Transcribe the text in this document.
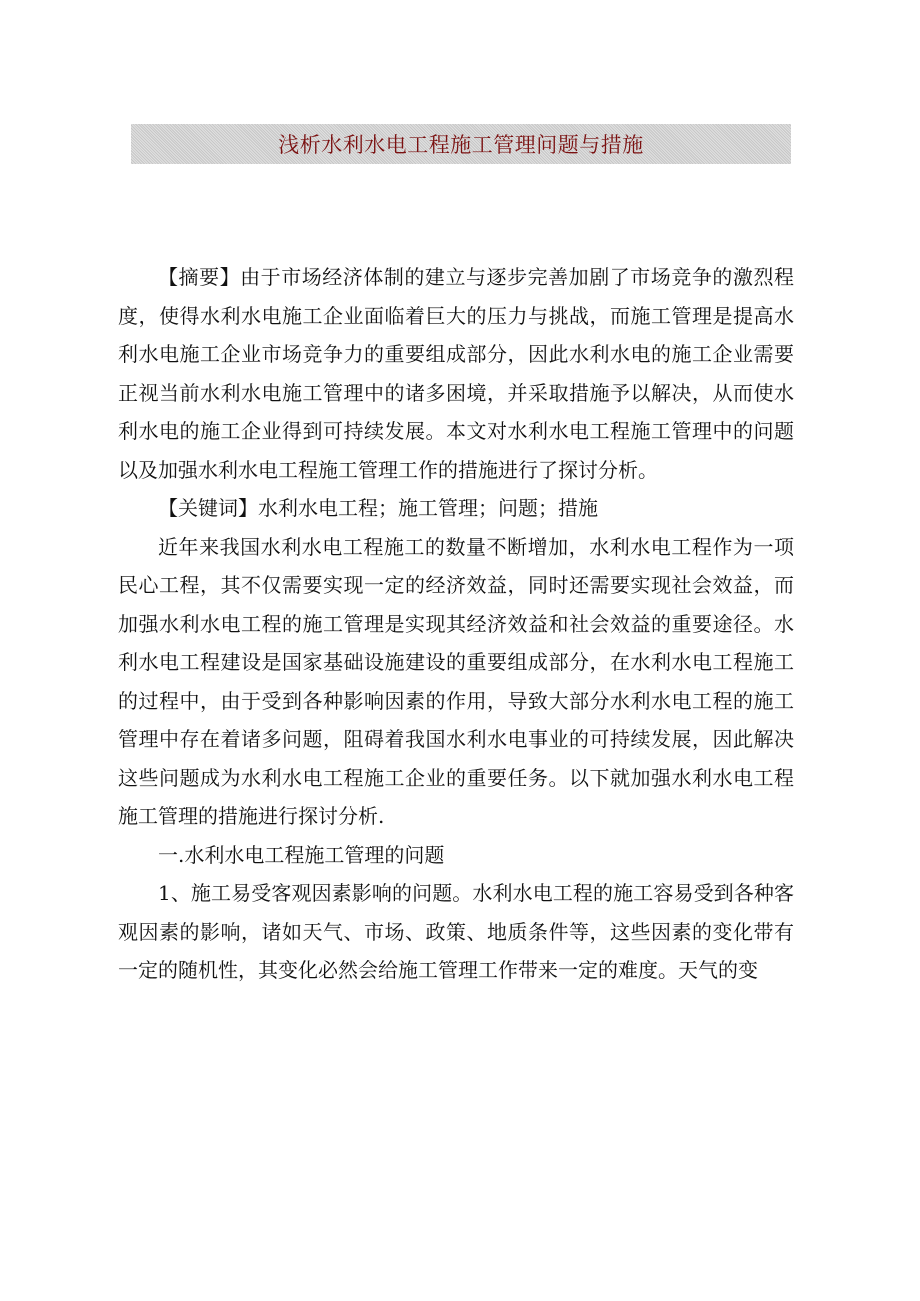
浅析水利水电工程施工管理问题与措施

【摘要】由于市场经济体制的建立与逐步完善加剧了市场竞争的激烈程度，使得水利水电施工企业面临着巨大的压力与挑战，而施工管理是提高水利水电施工企业市场竞争力的重要组成部分，因此水利水电的施工企业需要正视当前水利水电施工管理中的诸多困境，并采取措施予以解决，从而使水利水电的施工企业得到可持续发展。本文对水利水电工程施工管理中的问题以及加强水利水电工程施工管理工作的措施进行了探讨分析。

【关键词】水利水电工程；施工管理；问题；措施

近年来我国水利水电工程施工的数量不断增加，水利水电工程作为一项民心工程，其不仅需要实现一定的经济效益，同时还需要实现社会效益，而加强水利水电工程的施工管理是实现其经济效益和社会效益的重要途径。水利水电工程建设是国家基础设施建设的重要组成部分，在水利水电工程施工的过程中，由于受到各种影响因素的作用，导致大部分水利水电工程的施工管理中存在着诸多问题，阻碍着我国水利水电事业的可持续发展，因此解决这些问题成为水利水电工程施工企业的重要任务。以下就加强水利水电工程施工管理的措施进行探讨分析.

一.水利水电工程施工管理的问题

1、施工易受客观因素影响的问题。水利水电工程的施工容易受到各种客观因素的影响，诸如天气、市场、政策、地质条件等，这些因素的变化带有一定的随机性，其变化必然会给施工管理工作带来一定的难度。天气的变
